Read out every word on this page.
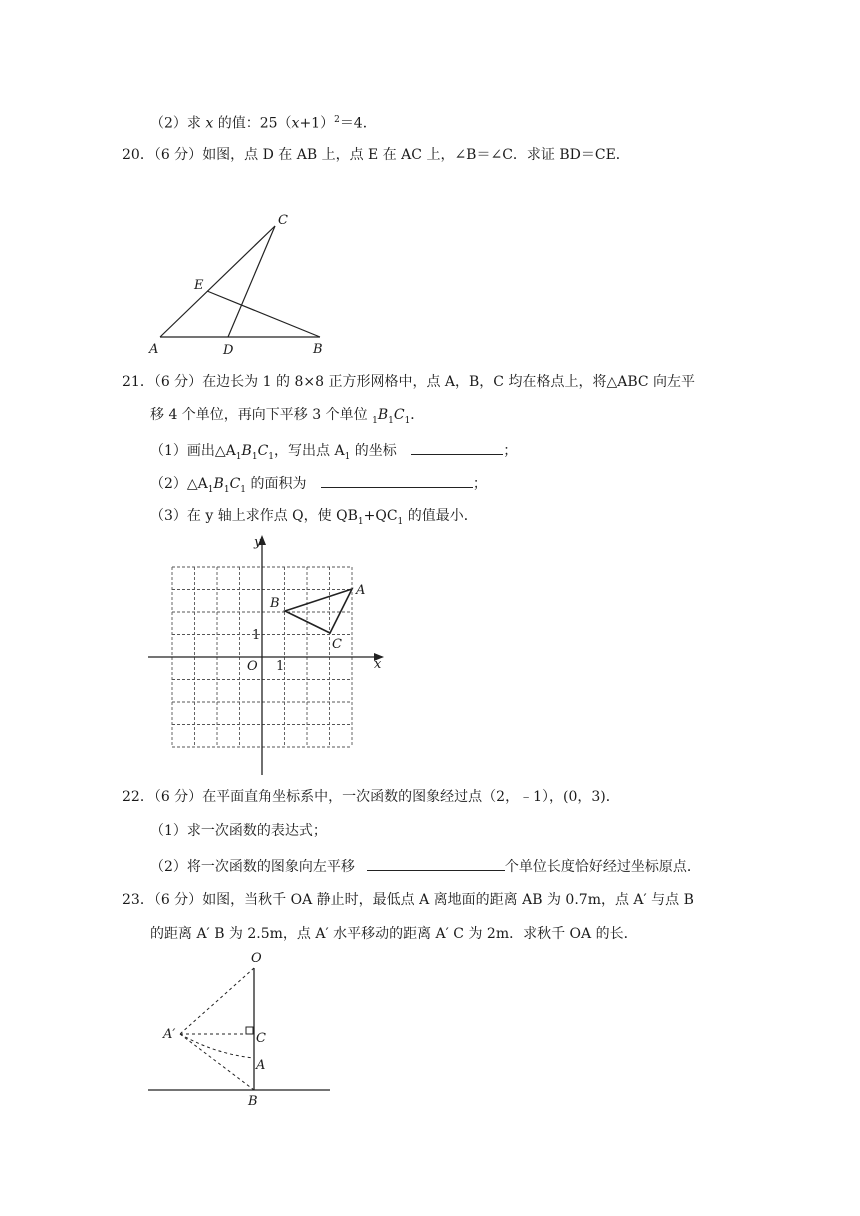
（2）求 x 的值：$25(x+1)^2=4$．
20．（6 分）如图，点 D 在 AB 上，点 E 在 AC 上，∠B＝∠C．求证 BD＝CE．
C
E
A	D	B
21．（6 分）在边长为 1 的 8×8 正方形网格中，点 A，B，C 均在格点上，将△ABC 向左平
移 4 个单位，再向下平移 3 个单位 $_1B_1C_1$．
（1）画出$\triangle A_1B_1C_1$，写出点 $A_1$ 的坐标	；
$(2)\triangle A_1B_1C_1$ 的面积为	；
（3）在 y 轴上求作点 Q，使 $QB_1+QC_1$ 的值最小．
y
x
O 1
1
A
B
C
22．（6 分）在平面直角坐标系中，一次函数的图象经过点（2，﹣1），(0，3)．
（1）求一次函数的表达式；
（2）将一次函数的图象向左平移	个单位长度恰好经过坐标原点．
23．（6 分）如图，当秋千 OA 静止时，最低点 A 离地面的距离 AB 为 0.7m，点 A′ 与点 B
的距离 A′ B 为 2.5m，点 A′ 水平移动的距离 A′ C 为 2m．求秋千 OA 的长．
O
A′	C
A
B
